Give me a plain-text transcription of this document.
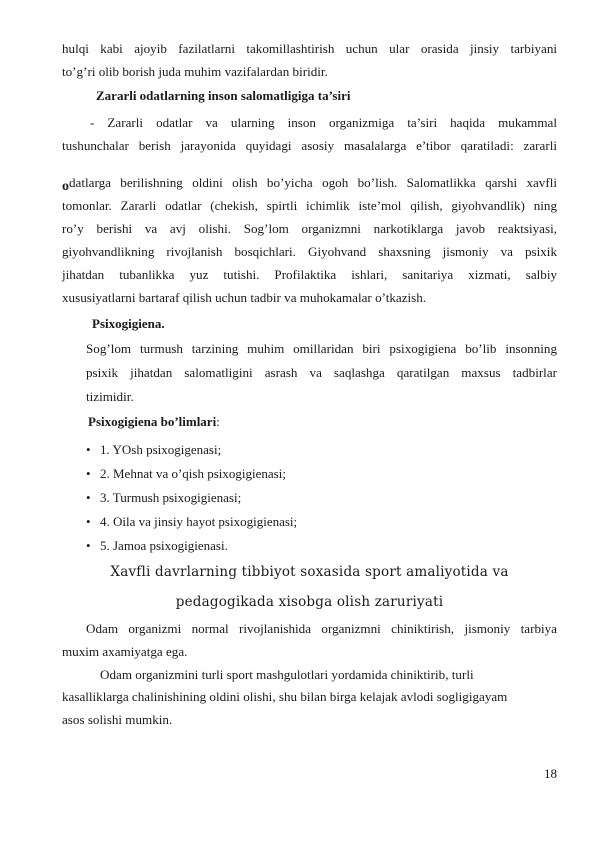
hulqi kabi ajoyib fazilatlarni takomillashtirish uchun ular orasida jinsiy tarbiyani

to’g’ri olib borish juda muhim vazifalardan biridir.

Zararli odatlarning inson salomatligiga ta’siri

- Zararli odatlar va ularning inson organizmiga ta’siri haqida mukammal

tushunchalar berish jarayonida quyidagi asosiy masalalarga e’tibor qaratiladi: zararli

odatlarga berilishning oldini olish bo’yicha ogoh bo’lish. Salomatlikka qarshi xavfli

tomonlar. Zararli odatlar (chekish, spirtli ichimlik iste’mol qilish, giyohvandlik) ning

ro’y berishi va avj olishi. Sog’lom organizmni narkotiklarga javob reaktsiyasi,

giyohvandlikning rivojlanish bosqichlari. Giyohvand shaxsning jismoniy va psixik

jihatdan tubanlikka yuz tutishi. Profilaktika ishlari, sanitariya xizmati, salbiy

xususiyatlarni bartaraf qilish uchun tadbir va muhokamalar o’tkazish.

Psixogigiena.

Sog’lom turmush tarzining muhim omillaridan biri psixogigiena bo’lib insonning

psixik jihatdan salomatligini asrash va saqlashga qaratilgan maxsus tadbirlar

tizimidir.

Psixogigiena bo’limlari:

• 1. YOsh psixogigenasi;

• 2. Mehnat va o’qish psixogigienasi;

• 3. Turmush psixogigienasi;

• 4. Oila va jinsiy hayot psixogigienasi;

• 5. Jamoa psixogigienasi.

Xavfli davrlarning tibbiyot soxasida sport amaliyotida va

pedagogikada xisobga olish zaruriyati

Odam organizmi normal rivojlanishida organizmni chiniktirish, jismoniy tarbiya

muxim axamiyatga ega.

Odam organizmini turli sport mashgulotlari yordamida chiniktirib, turli

kasalliklarga chalinishining oldini olishi, shu bilan birga kelajak avlodi sogligigayam

asos solishi mumkin.

18
